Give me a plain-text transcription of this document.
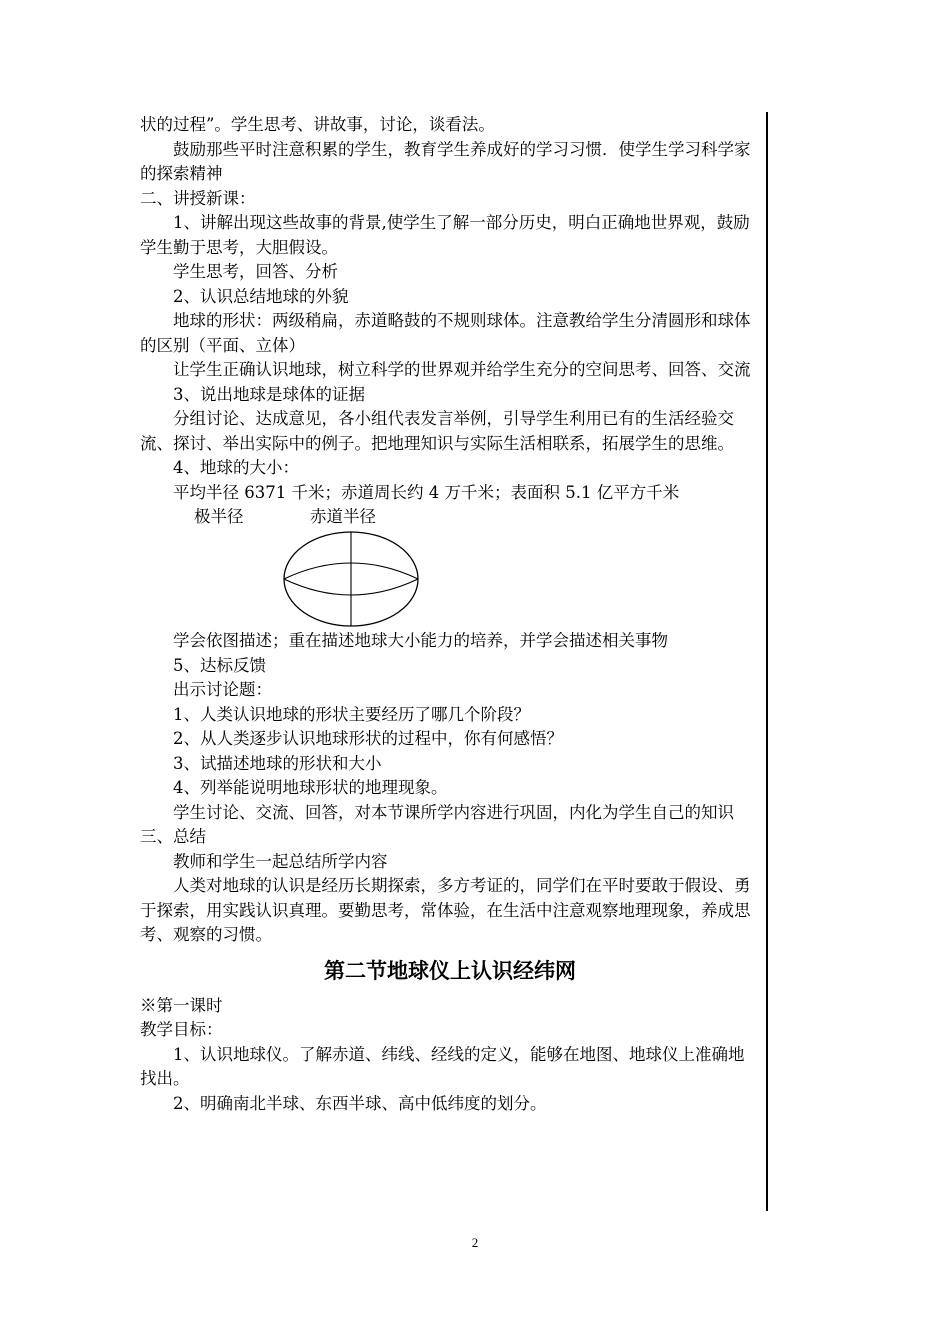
状的过程”。学生思考、讲故事，讨论，谈看法。

鼓励那些平时注意积累的学生，教育学生养成好的学习习惯．使学生学习科学家的探索精神

二、讲授新课：

1、讲解出现这些故事的背景,使学生了解一部分历史，明白正确地世界观，鼓励学生勤于思考，大胆假设。

学生思考，回答、分析

2、认识总结地球的外貌

地球的形状：两级稍扁，赤道略鼓的不规则球体。注意教给学生分清圆形和球体的区别（平面、立体）

让学生正确认识地球，树立科学的世界观并给学生充分的空间思考、回答、交流

3、说出地球是球体的证据

分组讨论、达成意见，各小组代表发言举例，引导学生利用已有的生活经验交流、探讨、举出实际中的例子。把地理知识与实际生活相联系，拓展学生的思维。

4、地球的大小：

平均半径 6371 千米；赤道周长约 4 万千米；表面积 5.1 亿平方千米

极半径	赤道半径

学会依图描述；重在描述地球大小能力的培养，并学会描述相关事物

5、达标反馈

出示讨论题：

1、人类认识地球的形状主要经历了哪几个阶段？

2、从人类逐步认识地球形状的过程中，你有何感悟？

3、试描述地球的形状和大小

4、列举能说明地球形状的地理现象。

学生讨论、交流、回答，对本节课所学内容进行巩固，内化为学生自己的知识

三、总结

教师和学生一起总结所学内容

人类对地球的认识是经历长期探索，多方考证的，同学们在平时要敢于假设、勇于探索，用实践认识真理。要勤思考，常体验，在生活中注意观察地理现象，养成思考、观察的习惯。

第二节地球仪上认识经纬网

※第一课时

教学目标：

1、认识地球仪。了解赤道、纬线、经线的定义，能够在地图、地球仪上准确地找出。

2、明确南北半球、东西半球、高中低纬度的划分。

2
